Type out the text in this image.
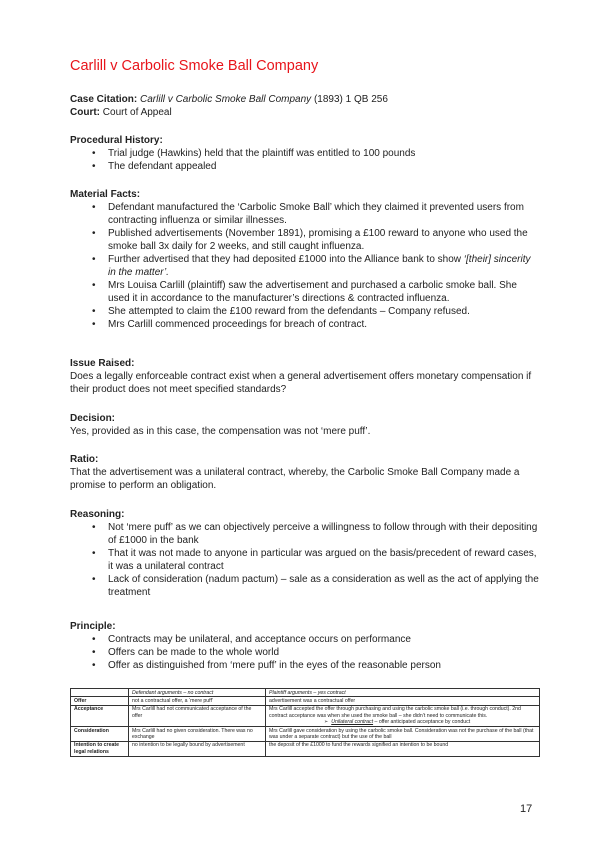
Carlill v Carbolic Smoke Ball Company
Case Citation: Carlill v Carbolic Smoke Ball Company (1893) 1 QB 256
Court: Court of Appeal
Procedural History:
• Trial judge (Hawkins) held that the plaintiff was entitled to 100 pounds
• The defendant appealed
Material Facts:
• Defendant manufactured the ‘Carbolic Smoke Ball’ which they claimed it prevented users from contracting influenza or similar illnesses.
• Published advertisements (November 1891), promising a £100 reward to anyone who used the smoke ball 3x daily for 2 weeks, and still caught influenza.
• Further advertised that they had deposited £1000 into the Alliance bank to show ‘[their] sincerity in the matter’.
• Mrs Louisa Carlill (plaintiff) saw the advertisement and purchased a carbolic smoke ball. She used it in accordance to the manufacturer’s directions & contracted influenza.
• She attempted to claim the £100 reward from the defendants – Company refused.
• Mrs Carlill commenced proceedings for breach of contract.
Issue Raised:

Does a legally enforceable contract exist when a general advertisement offers monetary compensation if their product does not meet specified standards?

Decision:

Yes, provided as in this case, the compensation was not ‘mere puff’.

Ratio:

That the advertisement was a unilateral contract, whereby, the Carbolic Smoke Ball Company made a promise to perform an obligation.

Reasoning:
• Not ‘mere puff’ as we can objectively perceive a willingness to follow through with their depositing of £1000 in the bank
• That it was not made to anyone in particular was argued on the basis/precedent of reward cases, it was a unilateral contract
• Lack of consideration (nadum pactum) – sale as a consideration as well as the act of applying the treatment
Principle:
• Contracts may be unilateral, and acceptance occurs on performance
• Offers can be made to the whole world
• Offer as distinguished from ‘mere puff’ in the eyes of the reasonable person
	Defendant arguments – no contract	Plaintiff arguments – yes contract
Offer	not a contractual offer, a ‘mere puff’	advertisement was a contractual offer
Acceptance	Mrs Carlill had not communicated acceptance of the offer	Mrs Carlill accepted the offer through purchasing and using the carbolic smoke ball (i.e. through conduct). 2nd contract acceptance was when she used the smoke ball – she didn’t need to communicate this.
➢  Unilateral contract – offer anticipated acceptance by conduct

Consideration	Mrs Carlill had no given consideration. There was no exchange	Mrs Carlill gave consideration by using the carbolic smoke ball. Consideration was not the purchase of the ball (that was under a separate contract) but the use of the ball
Intention to create legal relations	no intention to be legally bound by advertisement	the deposit of the £1000 to fund the rewards signified an intention to be bound
17
